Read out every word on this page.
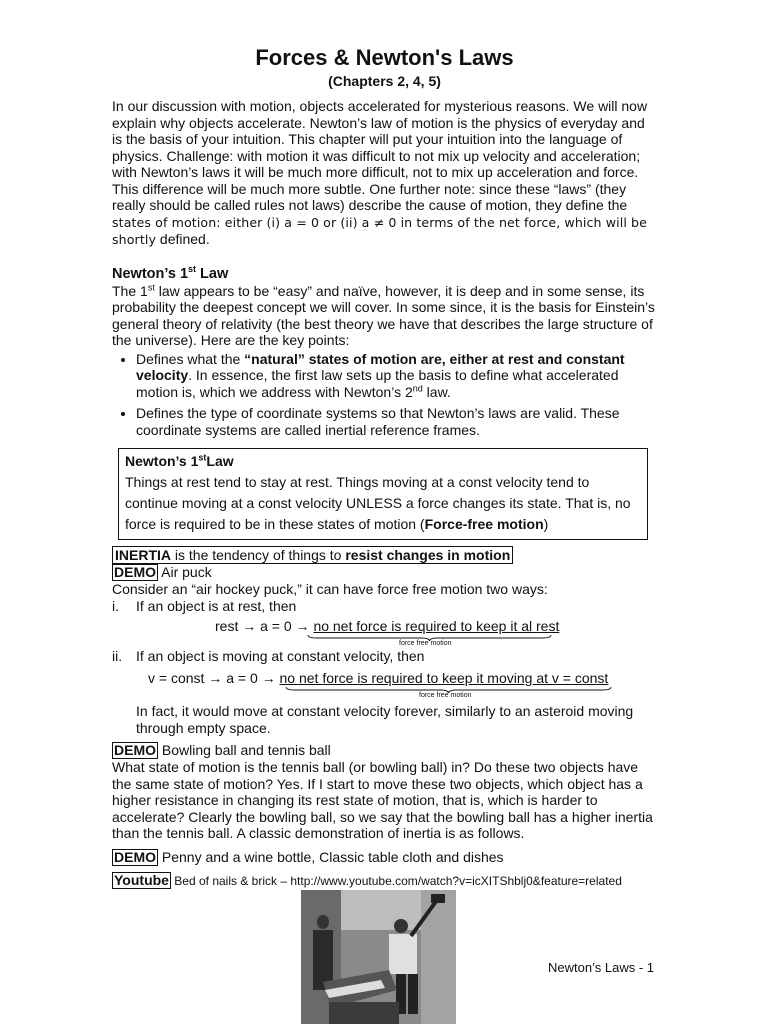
Forces & Newton's Laws
(Chapters 2, 4, 5)

In our discussion with motion, objects accelerated for mysterious reasons. We will now explain why objects accelerate. Newton’s law of motion is the physics of everyday and is the basis of your intuition. This chapter will put your intuition into the language of physics. Challenge: with motion it was difficult to not mix up velocity and acceleration; with Newton’s laws it will be much more difficult, not to mix up acceleration and force. This difference will be much more subtle. One further note: since these “laws” (they really should be called rules not laws) describe the cause of motion, they define the states of motion: either (i) a = 0 or (ii) a ≠ 0 in terms of the net force, which will be shortly defined.

Newton’s 1st Law

The 1st law appears to be “easy” and naïve, however, it is deep and in some sense, its probability the deepest concept we will cover. In some since, it is the basis for Einstein’s general theory of relativity (the best theory we have that describes the large structure of the universe). Here are the key points:

• Defines what the “natural” states of motion are, either at rest and constant velocity. In essence, the first law sets up the basis to define what accelerated motion is, which we address with Newton’s 2nd law.
• Defines the type of coordinate systems so that Newton’s laws are valid. These coordinate systems are called inertial reference frames.
Newton’s 1stLaw
Things at rest tend to stay at rest. Things moving at a const velocity tend to continue moving at a const velocity UNLESS a force changes its state. That is, no force is required to be in these states of motion (Force-free motion)
INERTIA is the tendency of things to resist changes in motion
DEMO Air puck
Consider an “air hockey puck,” it can have force free motion two ways:
i. If an object is at rest, then
rest → a = 0 → no net force is required to keep it al rest
force free motion
ii. If an object is moving at constant velocity, then
v = const → a = 0 → no net force is required to keep it moving at v = const
force free motion

In fact, it would move at constant velocity forever, similarly to an asteroid moving through empty space.

DEMO Bowling ball and tennis ball

What state of motion is the tennis ball (or bowling ball) in? Do these two objects have the same state of motion? Yes. If I start to move these two objects, which object has a higher resistance in changing its rest state of motion, that is, which is harder to accelerate? Clearly the bowling ball, so we say that the bowling ball has a higher inertia than the tennis ball. A classic demonstration of inertia is as follows.

DEMO Penny and a wine bottle, Classic table cloth and dishes
Youtube Bed of nails & brick – http://www.youtube.com/watch?v=icXITShblj0&feature=related
Newton’s Laws - 1
